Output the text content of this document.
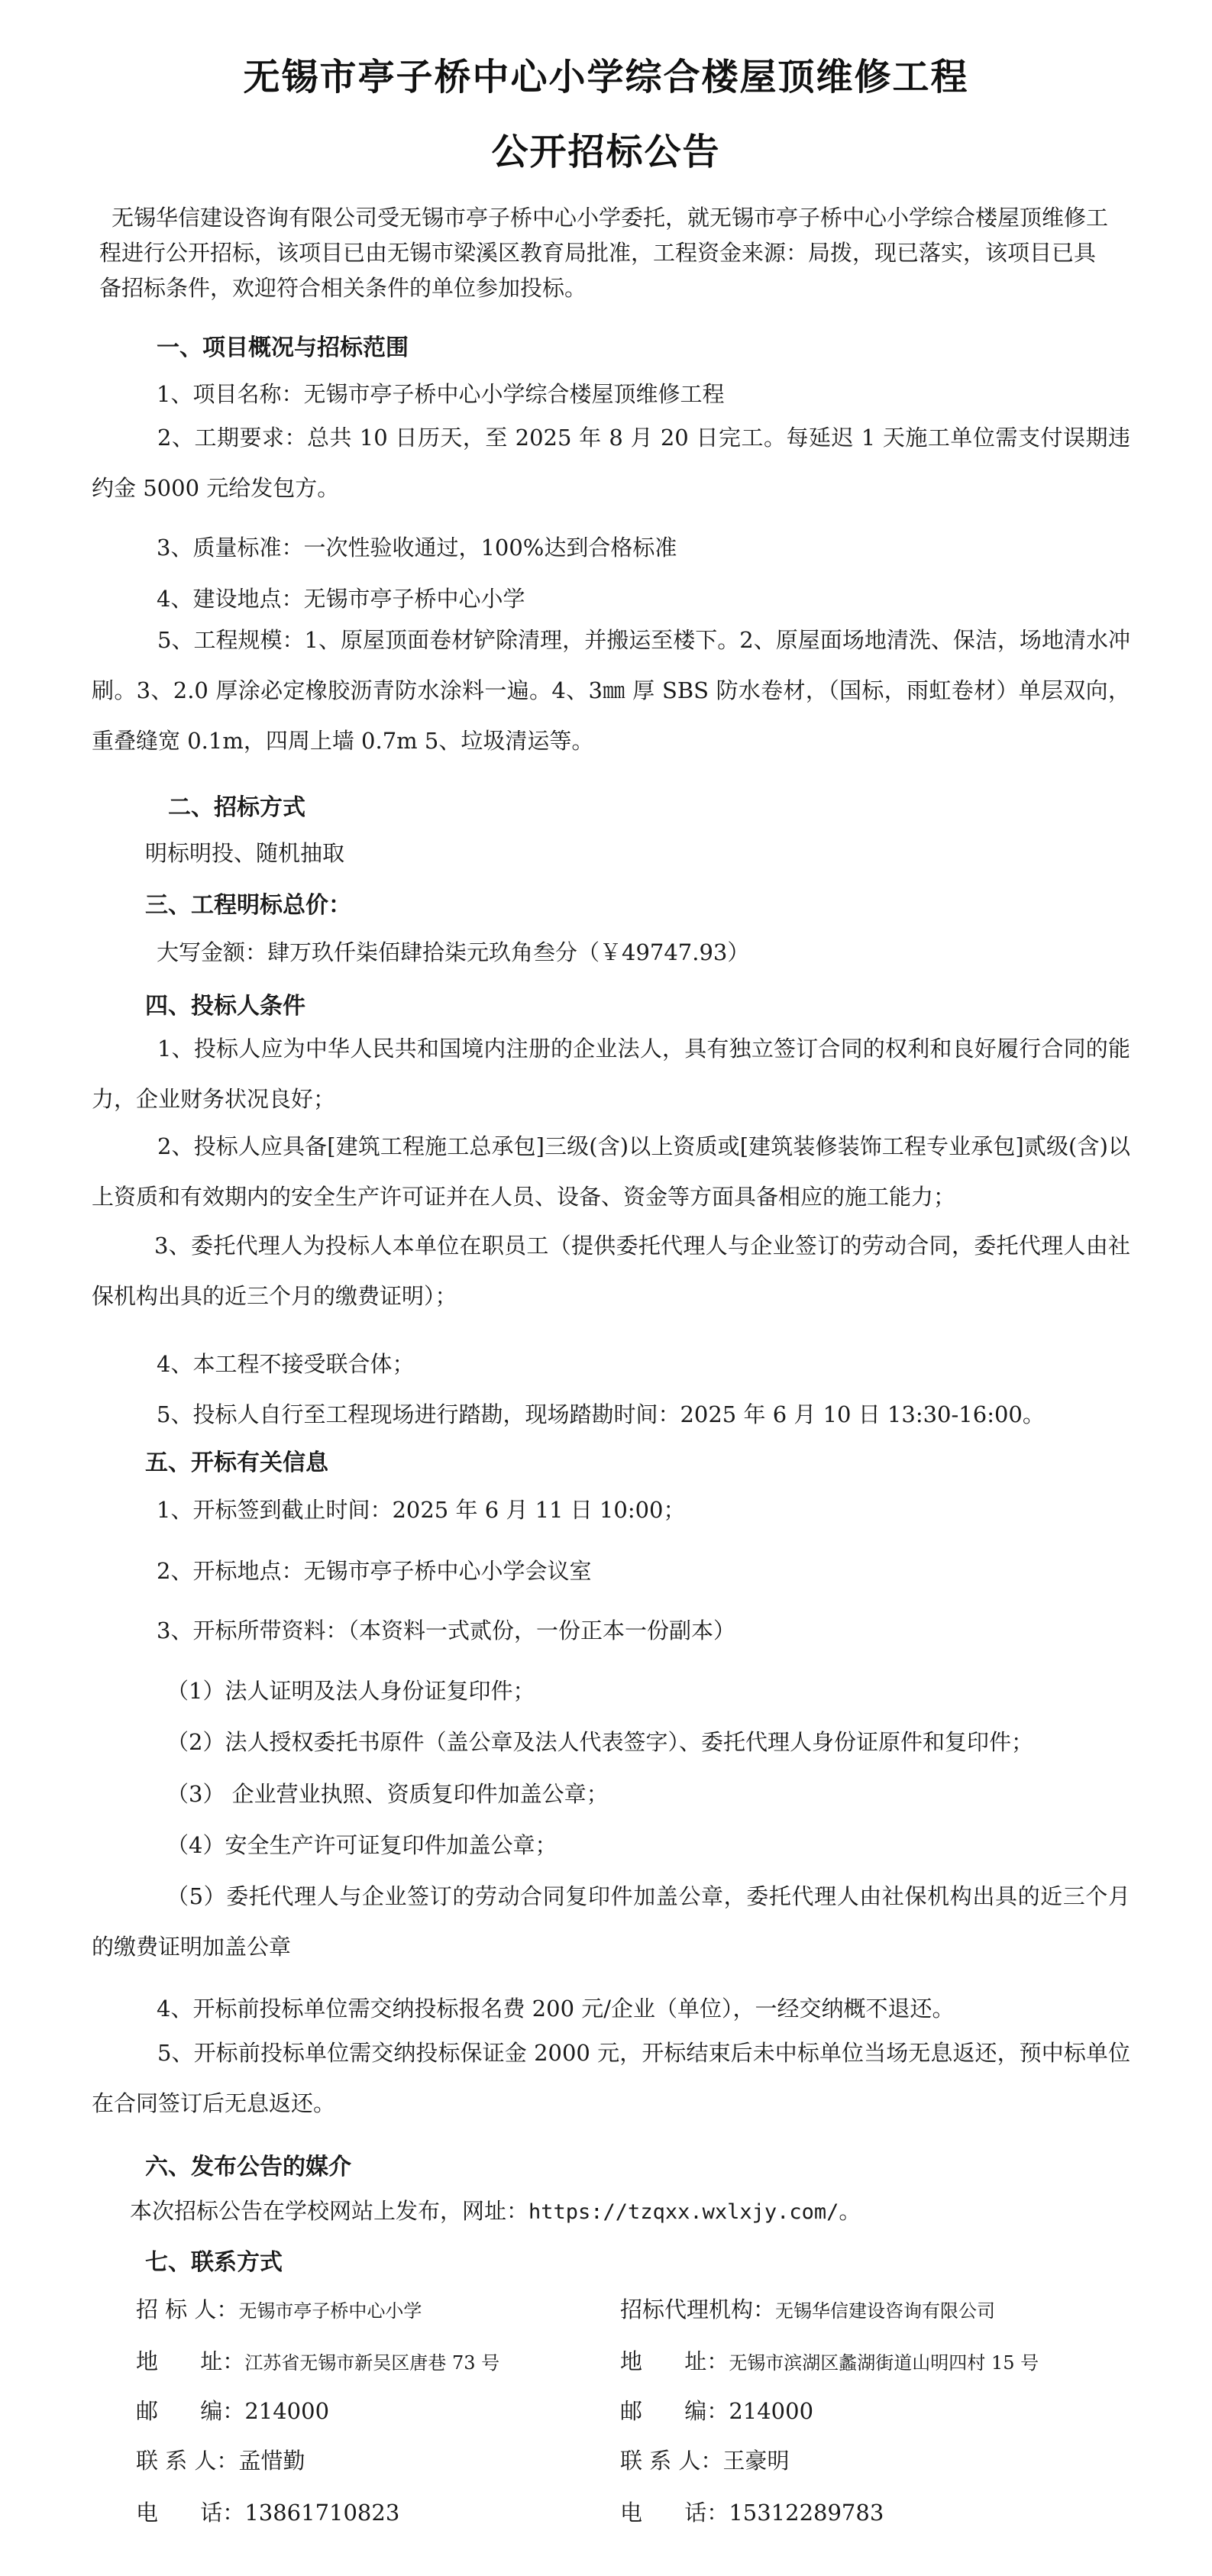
无锡市亭子桥中心小学综合楼屋顶维修工程
公开招标公告
无锡华信建设咨询有限公司受无锡市亭子桥中心小学委托，就无锡市亭子桥中心小学综合楼屋顶维修工程进行公开招标，该项目已由无锡市梁溪区教育局批准，工程资金来源：局拨，现已落实，该项目已具备招标条件，欢迎符合相关条件的单位参加投标。
一、项目概况与招标范围
1、项目名称：无锡市亭子桥中心小学综合楼屋顶维修工程
2、工期要求：总共 10 日历天，至 2025 年 8 月 20 日完工。每延迟 1 天施工单位需支付误期违约金 5000 元给发包方。
3、质量标准：一次性验收通过，100%达到合格标准
4、建设地点：无锡市亭子桥中心小学
5、工程规模：1、原屋顶面卷材铲除清理，并搬运至楼下。2、原屋面场地清洗、保洁，场地清水冲刷。3、2.0 厚涂必定橡胶沥青防水涂料一遍。4、3㎜ 厚 SBS 防水卷材，（国标，雨虹卷材）单层双向，重叠缝宽 0.1m，四周上墙 0.7m 5、垃圾清运等。
二、招标方式
明标明投、随机抽取
三、工程明标总价：
大写金额：肆万玖仟柒佰肆拾柒元玖角叁分（￥49747.93）
四、投标人条件
1、投标人应为中华人民共和国境内注册的企业法人，具有独立签订合同的权利和良好履行合同的能力，企业财务状况良好；
2、投标人应具备[建筑工程施工总承包]三级(含)以上资质或[建筑装修装饰工程专业承包]贰级(含)以上资质和有效期内的安全生产许可证并在人员、设备、资金等方面具备相应的施工能力；
3、委托代理人为投标人本单位在职员工（提供委托代理人与企业签订的劳动合同，委托代理人由社保机构出具的近三个月的缴费证明）；
4、本工程不接受联合体；
5、投标人自行至工程现场进行踏勘，现场踏勘时间：2025 年 6 月 10 日 13:30-16:00。
五、开标有关信息
1、开标签到截止时间：2025 年 6 月 11 日 10:00；
2、开标地点：无锡市亭子桥中心小学会议室
3、开标所带资料：（本资料一式贰份，一份正本一份副本）
（1）法人证明及法人身份证复印件；
（2）法人授权委托书原件（盖公章及法人代表签字）、委托代理人身份证原件和复印件；
（3） 企业营业执照、资质复印件加盖公章；
（4）安全生产许可证复印件加盖公章；
（5）委托代理人与企业签订的劳动合同复印件加盖公章，委托代理人由社保机构出具的近三个月的缴费证明加盖公章
4、开标前投标单位需交纳投标报名费 200 元/企业（单位），一经交纳概不退还。
5、开标前投标单位需交纳投标保证金 2000 元，开标结束后未中标单位当场无息返还，预中标单位在合同签订后无息返还。
六、发布公告的媒介
本次招标公告在学校网站上发布，网址：https://tzqxx.wxlxjy.com/。
七、联系方式
招 标 人：无锡市亭子桥中心小学
地      址：江苏省无锡市新吴区唐巷 73 号
邮      编：214000
联 系 人：孟惜勤
电      话：13861710823
招标代理机构：无锡华信建设咨询有限公司
地      址：无锡市滨湖区蠡湖街道山明四村 15 号
邮      编：214000
联 系 人：王豪明
电      话：15312289783
